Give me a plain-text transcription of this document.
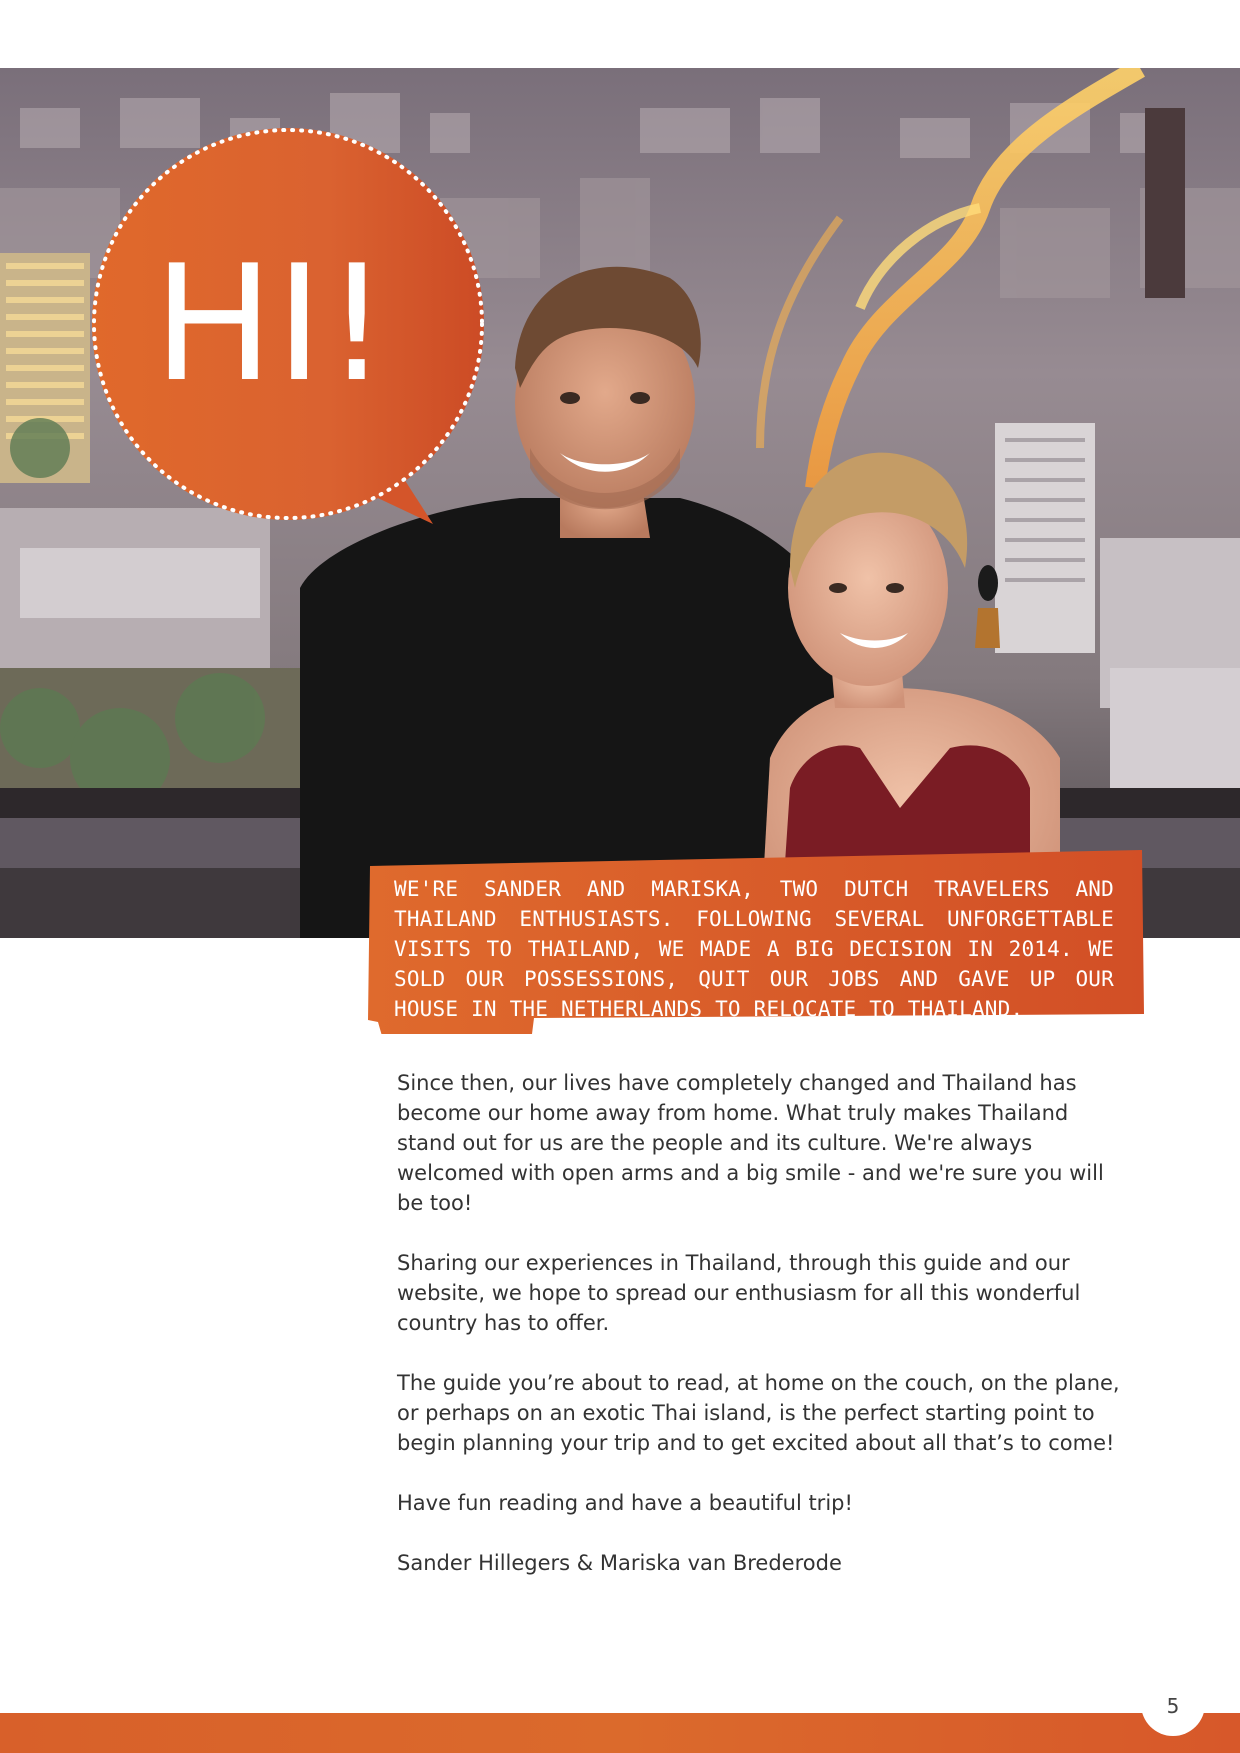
HI!
WE'RE SANDER AND MARISKA, TWO DUTCH TRAVELERS AND THAILAND ENTHUSIASTS. FOLLOWING SEVERAL UNFORGETTABLE VISITS TO THAILAND, WE MADE A BIG DECISION IN 2014. WE SOLD OUR POSSESSIONS, QUIT OUR JOBS AND GAVE UP OUR HOUSE IN THE NETHERLANDS TO RELOCATE TO THAILAND.

Since then, our lives have completely changed and Thailand has become our home away from home. What truly makes Thailand stand out for us are the people and its culture. We're always welcomed with open arms and a big smile - and we're sure you will be too!

Sharing our experiences in Thailand, through this guide and our website, we hope to spread our enthusiasm for all this wonderful country has to offer.

The guide you’re about to read, at home on the couch, on the plane, or perhaps on an exotic Thai island, is the perfect starting point to begin planning your trip and to get excited about all that’s to come!

Have fun reading and have a beautiful trip!

Sander Hillegers & Mariska van Brederode

5
